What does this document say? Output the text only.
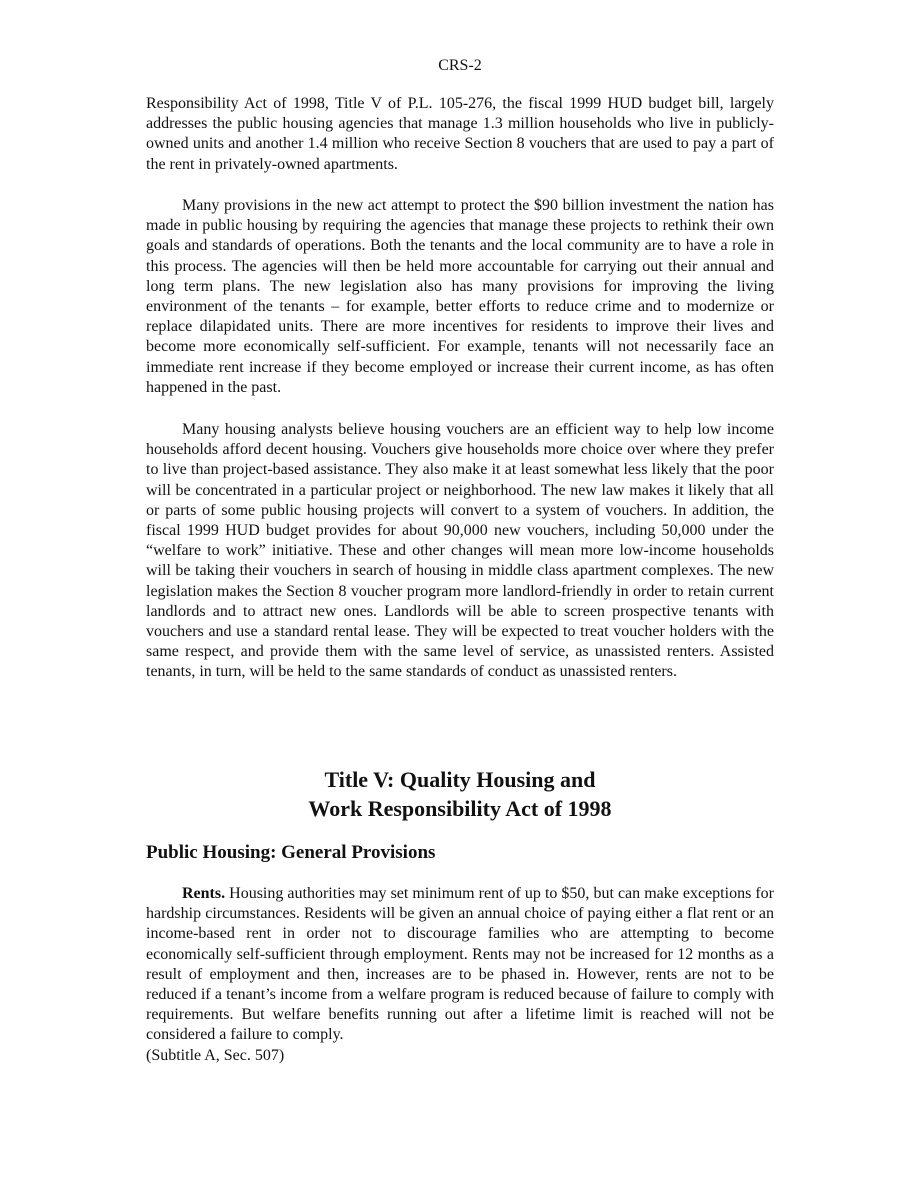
CRS-2

Responsibility Act of 1998, Title V of P.L. 105-276, the fiscal 1999 HUD budget bill, largely addresses the public housing agencies that manage 1.3 million households who live in publicly-owned units and another 1.4 million who receive Section 8 vouchers that are used to pay a part of the rent in privately-owned apartments.

Many provisions in the new act attempt to protect the $90 billion investment the nation has made in public housing by requiring the agencies that manage these projects to rethink their own goals and standards of operations. Both the tenants and the local community are to have a role in this process. The agencies will then be held more accountable for carrying out their annual and long term plans. The new legislation also has many provisions for improving the living environment of the tenants – for example, better efforts to reduce crime and to modernize or replace dilapidated units. There are more incentives for residents to improve their lives and become more economically self-sufficient. For example, tenants will not necessarily face an immediate rent increase if they become employed or increase their current income, as has often happened in the past.

Many housing analysts believe housing vouchers are an efficient way to help low income households afford decent housing. Vouchers give households more choice over where they prefer to live than project-based assistance. They also make it at least somewhat less likely that the poor will be concentrated in a particular project or neighborhood. The new law makes it likely that all or parts of some public housing projects will convert to a system of vouchers. In addition, the fiscal 1999 HUD budget provides for about 90,000 new vouchers, including 50,000 under the “welfare to work” initiative. These and other changes will mean more low-income households will be taking their vouchers in search of housing in middle class apartment complexes. The new legislation makes the Section 8 voucher program more landlord-friendly in order to retain current landlords and to attract new ones. Landlords will be able to screen prospective tenants with vouchers and use a standard rental lease. They will be expected to treat voucher holders with the same respect, and provide them with the same level of service, as unassisted renters. Assisted tenants, in turn, will be held to the same standards of conduct as unassisted renters.

Title V: Quality Housing and
Work Responsibility Act of 1998
Public Housing: General Provisions

Rents. Housing authorities may set minimum rent of up to $50, but can make exceptions for hardship circumstances. Residents will be given an annual choice of paying either a flat rent or an income-based rent in order not to discourage families who are attempting to become economically self-sufficient through employment. Rents may not be increased for 12 months as a result of employment and then, increases are to be phased in. However, rents are not to be reduced if a tenant’s income from a welfare program is reduced because of failure to comply with requirements. But welfare benefits running out after a lifetime limit is reached will not be considered a failure to comply.

(Subtitle A, Sec. 507)
